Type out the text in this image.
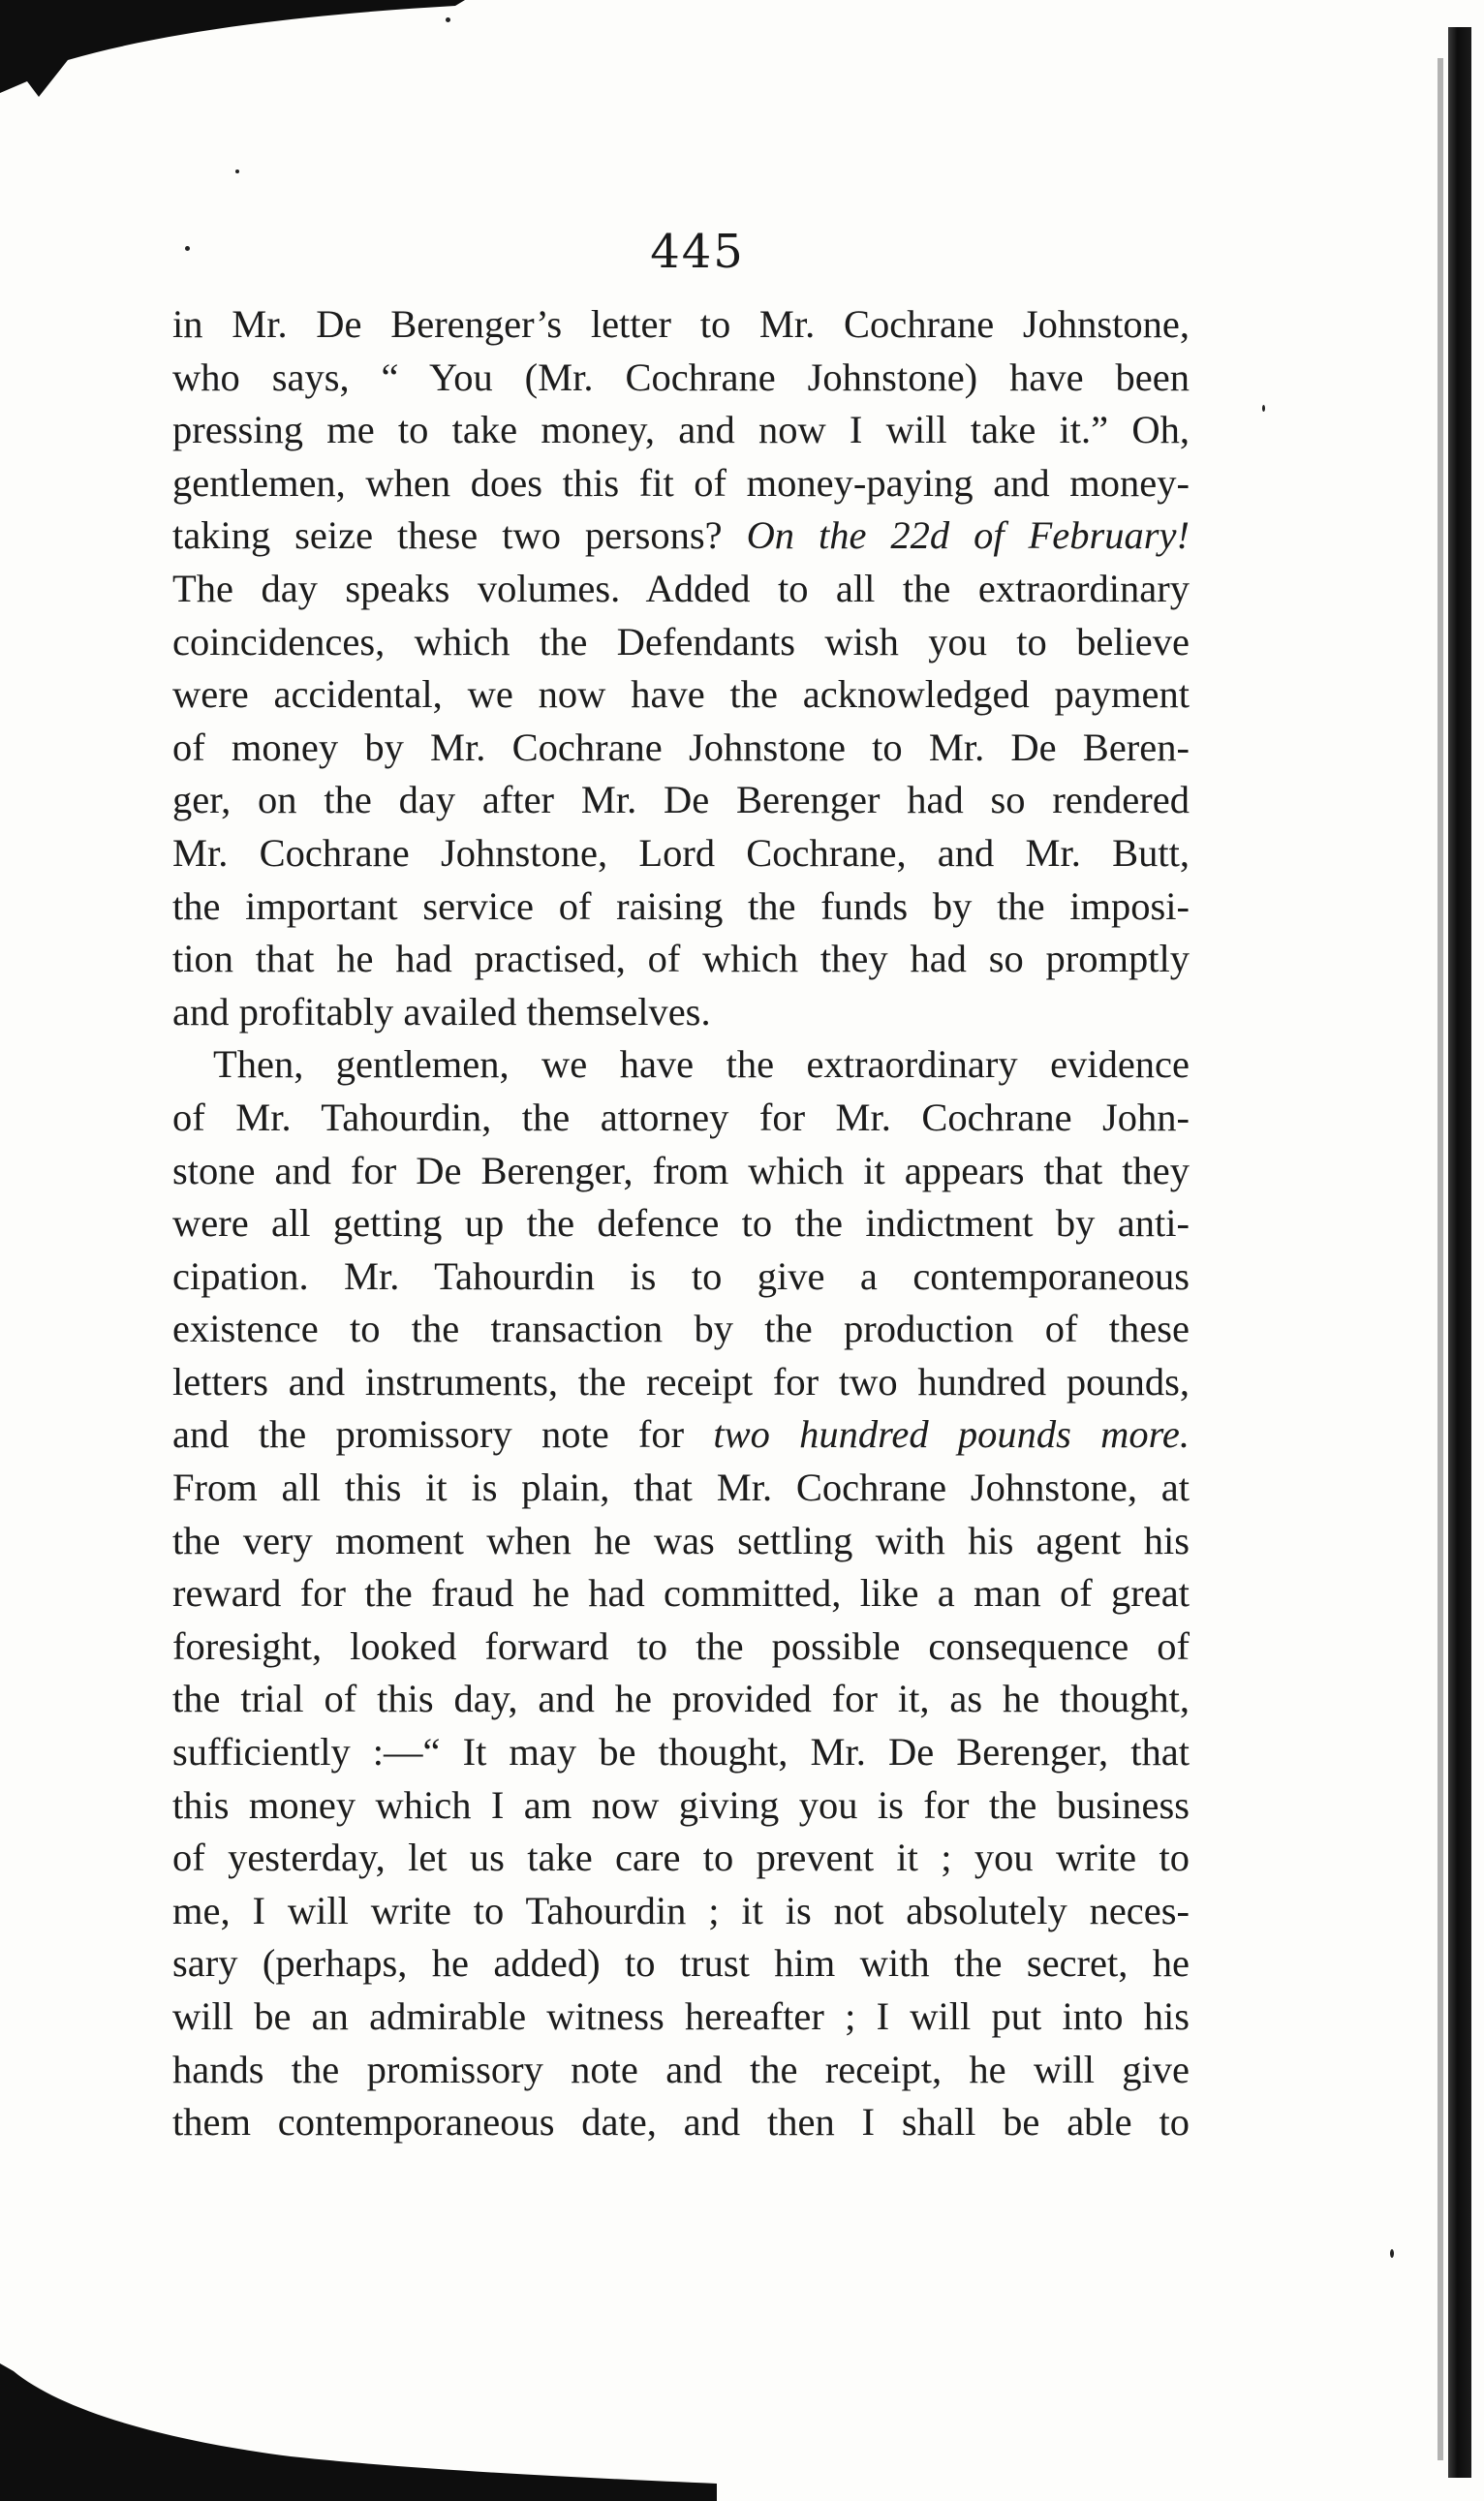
445

in Mr. De Berenger’s letter to Mr. Cochrane Johnstone,
who says, “ You (Mr. Cochrane Johnstone) have been
pressing me to take money, and now I will take it.” Oh,
gentlemen, when does this fit of money-paying and money-
taking seize these two persons? On the 22d of February!
The day speaks volumes. Added to all the extraordinary
coincidences, which the Defendants wish you to believe
were accidental, we now have the acknowledged payment
of money by Mr. Cochrane Johnstone to Mr. De Beren-
ger, on the day after Mr. De Berenger had so rendered
Mr. Cochrane Johnstone, Lord Cochrane, and Mr. Butt,
the important service of raising the funds by the imposi-
tion that he had practised, of which they had so promptly
and profitably availed themselves.

Then, gentlemen, we have the extraordinary evidence
of Mr. Tahourdin, the attorney for Mr. Cochrane John-
stone and for De Berenger, from which it appears that they
were all getting up the defence to the indictment by anti-
cipation. Mr. Tahourdin is to give a contemporaneous
existence to the transaction by the production of these
letters and instruments, the receipt for two hundred pounds,
and the promissory note for two hundred pounds more.
From all this it is plain, that Mr. Cochrane Johnstone, at
the very moment when he was settling with his agent his
reward for the fraud he had committed, like a man of great
foresight, looked forward to the possible consequence of
the trial of this day, and he provided for it, as he thought,
sufficiently :—“ It may be thought, Mr. De Berenger, that
this money which I am now giving you is for the business
of yesterday, let us take care to prevent it ; you write to
me, I will write to Tahourdin ; it is not absolutely neces-
sary (perhaps, he added) to trust him with the secret, he
will be an admirable witness hereafter ; I will put into his
hands the promissory note and the receipt, he will give
them contemporaneous date, and then I shall be able to
